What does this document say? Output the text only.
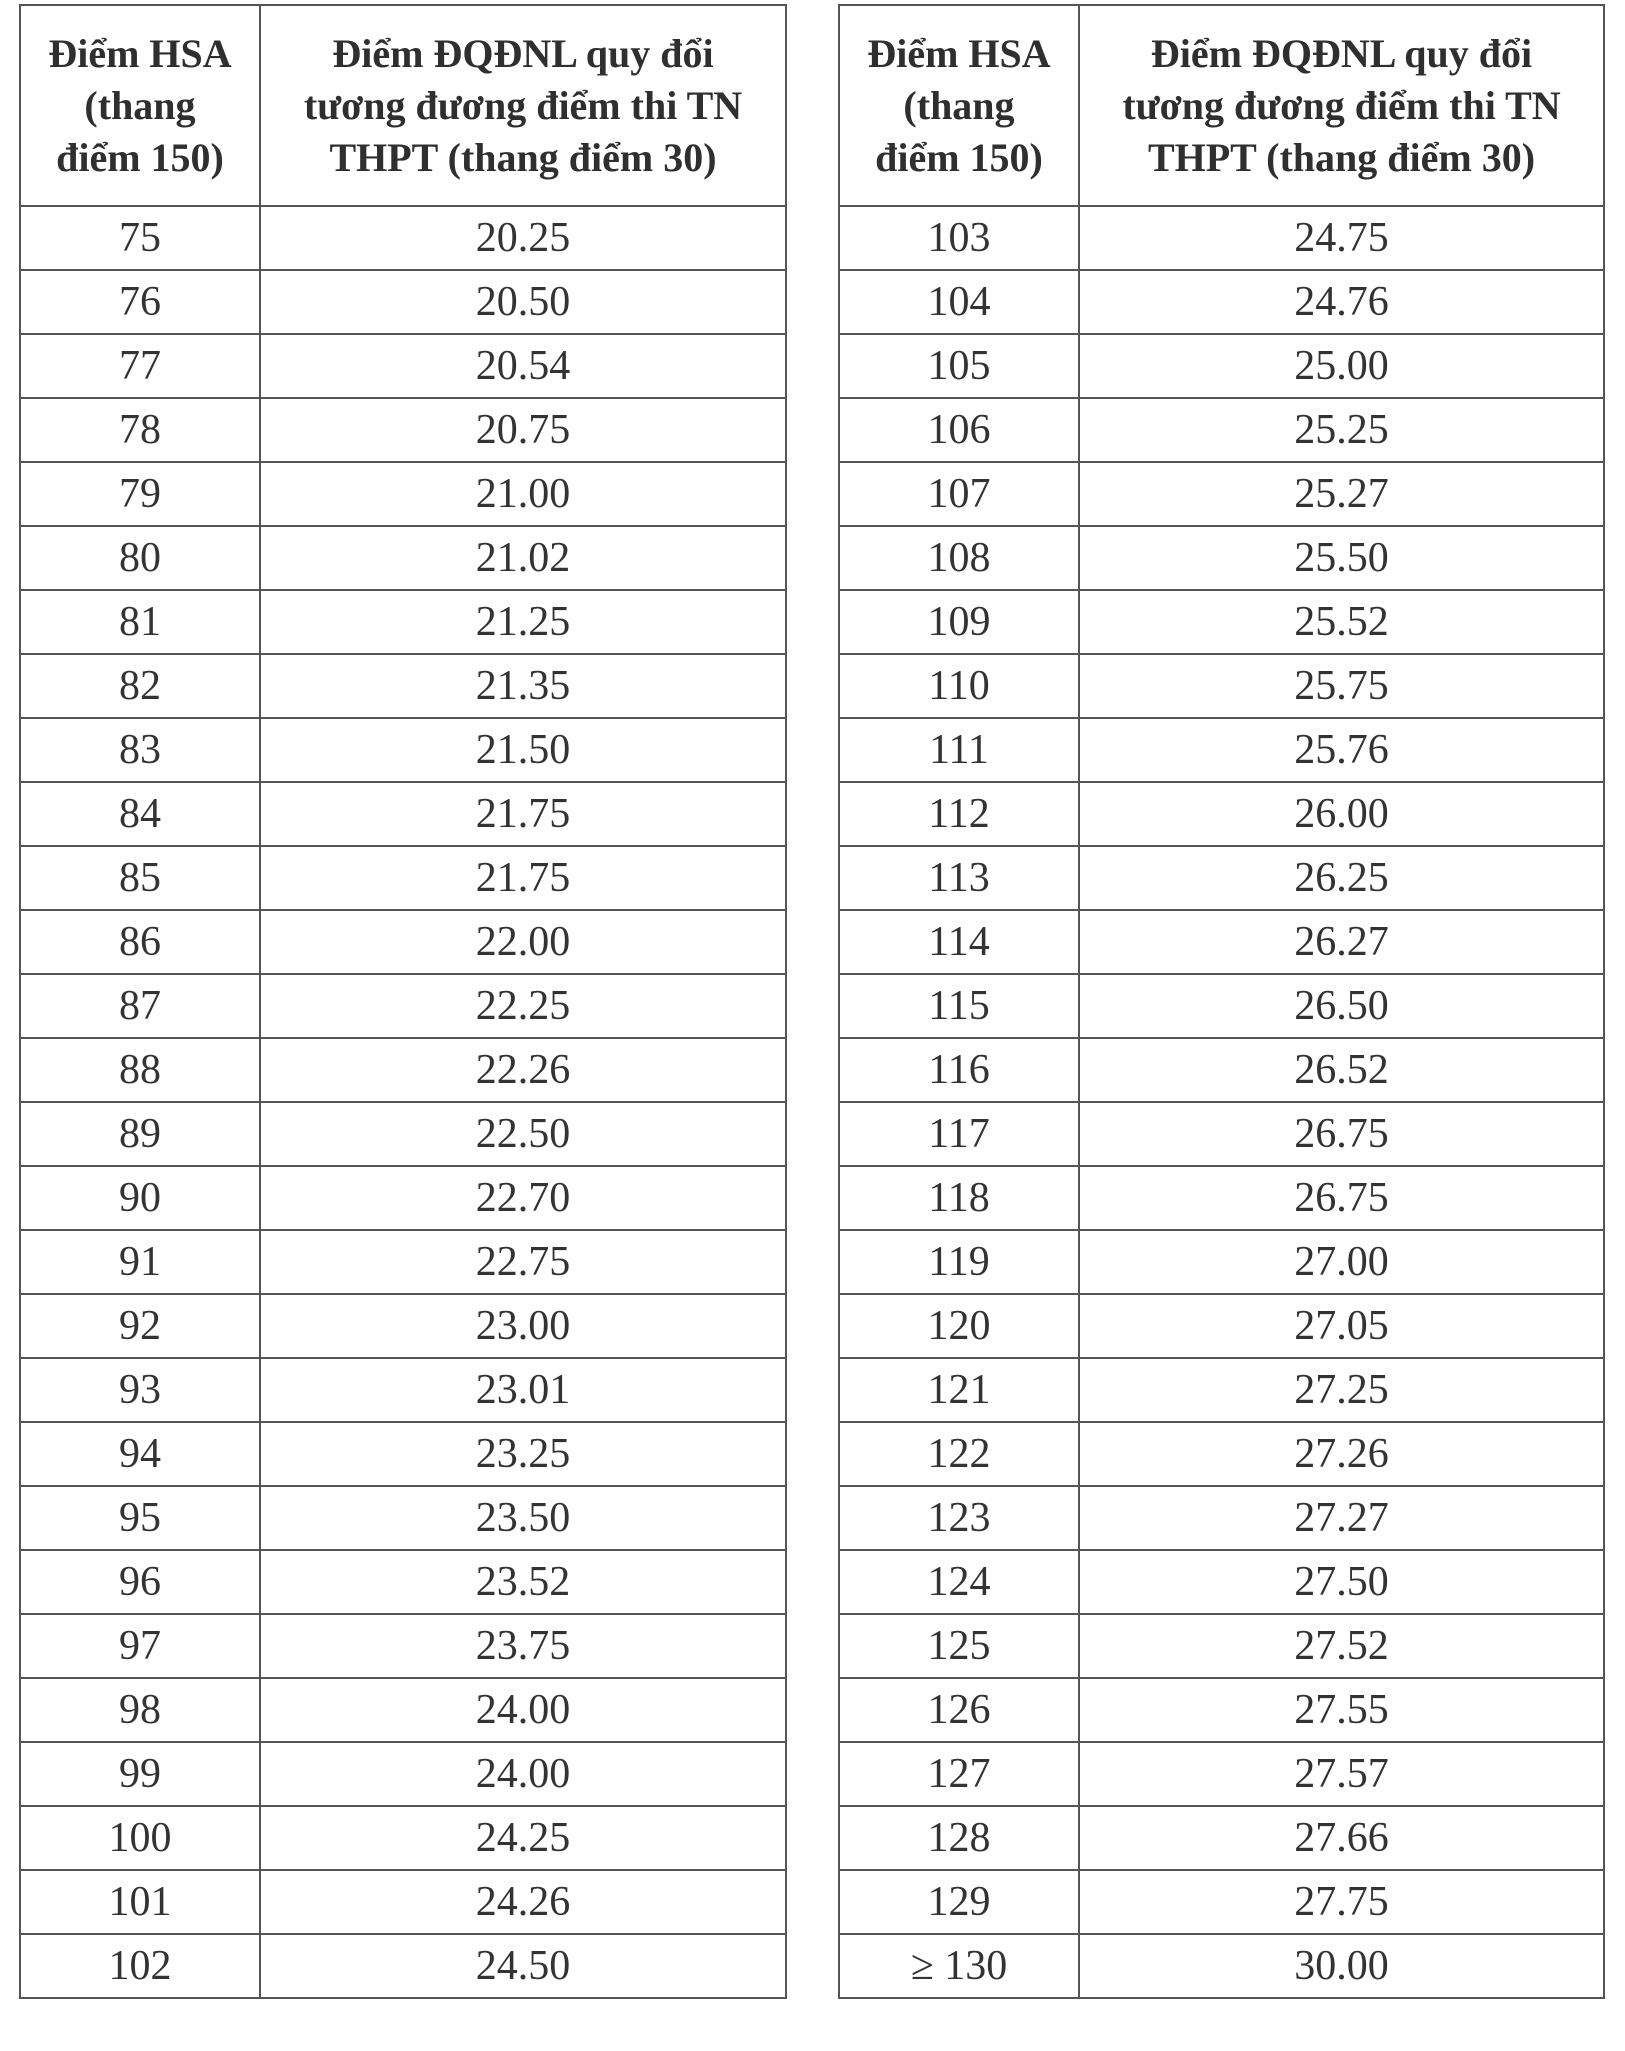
Điểm HSA
(thang
điểm 150)	Điểm ĐQĐNL quy đổi
tương đương điểm thi TN
THPT (thang điểm 30)

75	20.25
76	20.50
77	20.54
78	20.75
79	21.00
80	21.02
81	21.25
82	21.35
83	21.50
84	21.75
85	21.75
86	22.00
87	22.25
88	22.26
89	22.50
90	22.70
91	22.75
92	23.00
93	23.01
94	23.25
95	23.50
96	23.52
97	23.75
98	24.00
99	24.00
100	24.25
101	24.26
102	24.50
Điểm HSA
(thang
điểm 150)	Điểm ĐQĐNL quy đổi
tương đương điểm thi TN
THPT (thang điểm 30)

103	24.75
104	24.76
105	25.00
106	25.25
107	25.27
108	25.50
109	25.52
110	25.75
111	25.76
112	26.00
113	26.25
114	26.27
115	26.50
116	26.52
117	26.75
118	26.75
119	27.00
120	27.05
121	27.25
122	27.26
123	27.27
124	27.50
125	27.52
126	27.55
127	27.57
128	27.66
129	27.75
≥ 130	30.00
